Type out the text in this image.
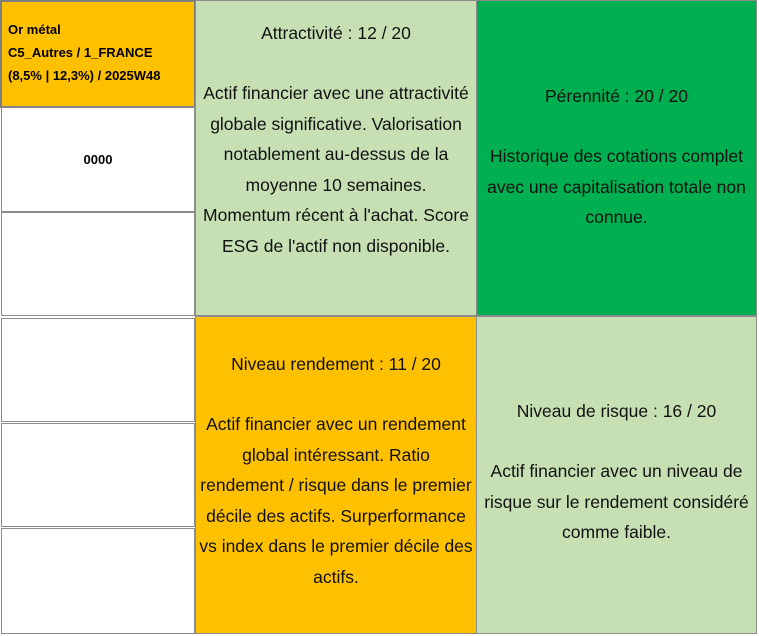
Or métal
C5_Autres / 1_FRANCE
(8,5% | 12,3%) / 2025W48
0000
Attractivité : 12 / 20
Actif financier avec une attractivité globale significative. Valorisation notablement au-dessus de la moyenne 10 semaines. Momentum récent à l'achat. Score ESG de l'actif non disponible.
Pérennité : 20 / 20
Historique des cotations complet avec une capitalisation totale non connue.
Niveau rendement : 11 / 20
Actif financier avec un rendement global intéressant. Ratio rendement / risque dans le premier décile des actifs. Surperformance vs index dans le premier décile des actifs.
Niveau de risque : 16 / 20
Actif financier avec un niveau de risque sur le rendement considéré comme faible.
